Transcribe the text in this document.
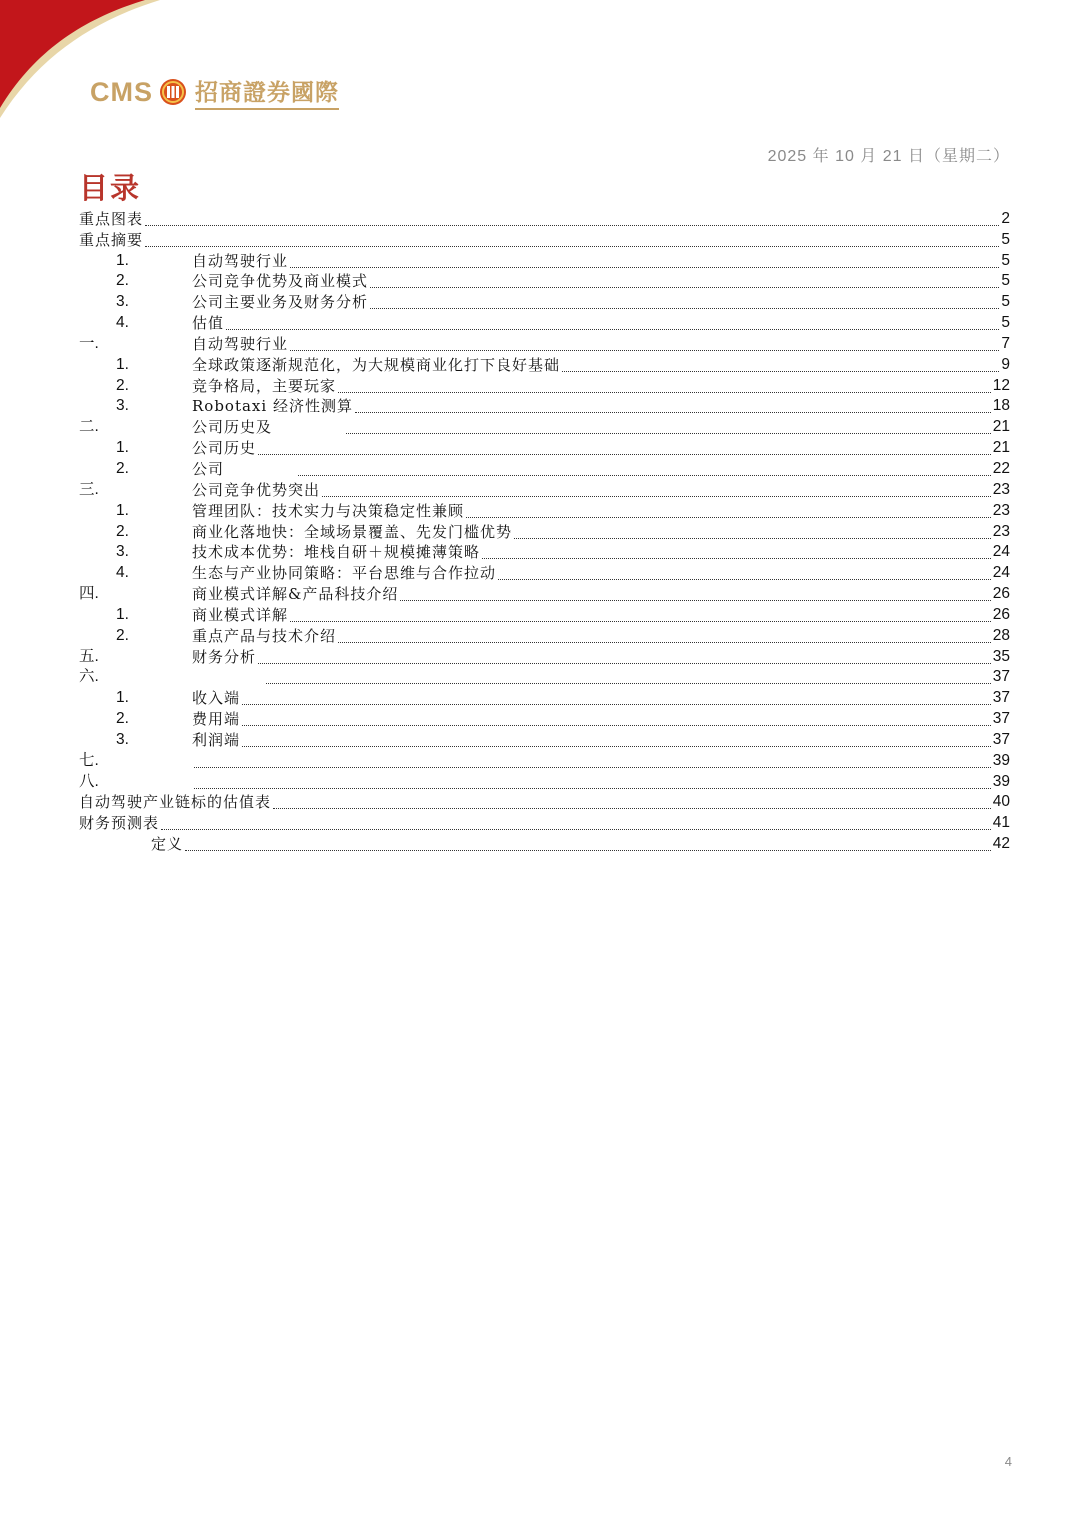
CMS 招商證券國際
2025 年 10 月 21 日（星期二）
目录
重点图表	2
重点摘要	5
1.	自动驾驶行业	5
2.	公司竞争优势及商业模式	5
3.	公司主要业务及财务分析	5
4.	估值	5
一.	自动驾驶行业	7
1.	全球政策逐渐规范化，为大规模商业化打下良好基础	9
2.	竞争格局，主要玩家	12
3.	Robotaxi 经济性测算	18
二.	公司历史及	21
1.	公司历史	21
2.	公司	22
三.	公司竞争优势突出	23
1.	管理团队：技术实力与决策稳定性兼顾	23
2.	商业化落地快：全域场景覆盖、先发门槛优势	23
3.	技术成本优势：堆栈自研＋规模摊薄策略	24
4.	生态与产业协同策略：平台思维与合作拉动	24
四.	商业模式详解&产品科技介绍	26
1.	商业模式详解	26
2.	重点产品与技术介绍	28
五.	财务分析	35
六.	37
1.	收入端	37
2.	费用端	37
3.	利润端	37
七.	39
八.	39
自动驾驶产业链标的估值表	40
财务预测表	41
定义	42
4
